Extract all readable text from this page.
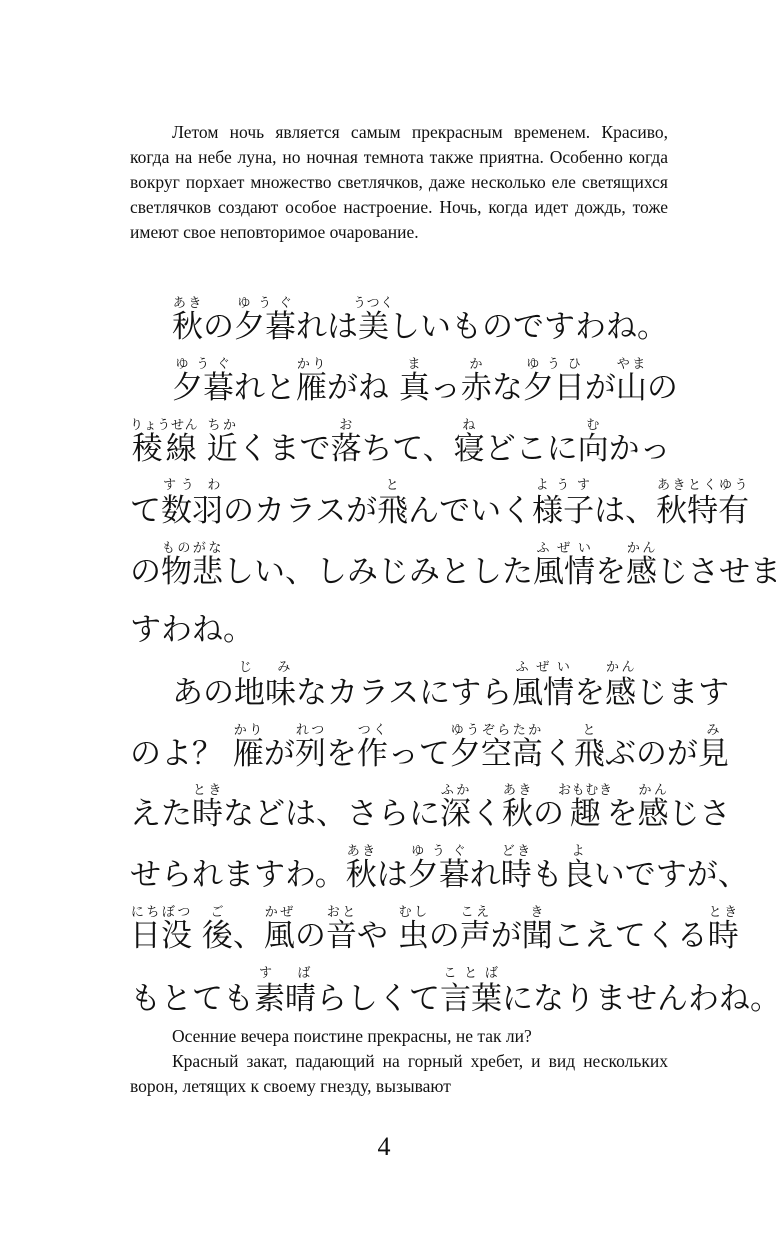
Летом ночь является самым прекрасным временем. Красиво, когда на небе луна, но ночная темнота также приятна. Особенно когда вокруг порхает множество светлячков, даже несколько еле светящихся светлячков создают особое настроение. Ночь, когда идет дождь, тоже имеют свое неповторимое очарование.

秋あきの夕暮ゆうぐれは美うつくしいものですわね。
夕暮ゆうぐれと雁かりがね 真まっ赤かな夕日ゆうひが山やまの
稜線りょうせん 近ちかくまで落おちて、寝ねどこに向むかっ
て数羽すう わのカラスが飛とんでいく様子ようすは、秋特有あきとくゆう
の物悲ものがなしい、しみじみとした風情ふぜいを感かんじさせま
すわね。
あの地味じ みなカラスにすら風情ふぜいを感かんじます
のよ？ 雁かりが列れつを作つくって夕空高ゆうぞらたかく飛とぶのが見み
えた時ときなどは、さらに深ふかく秋あきの趣おもむきを感かんじさ
せられますわ。秋あきは夕暮ゆうぐれ時どきも良よいですが、
日没にちぼつ 後ご、風かぜの音おとや 虫むしの声こえが聞きこえてくる時とき
もとても素晴す ばらしくて言葉ことばになりませんわね。

Осенние вечера поистине прекрасны, не так ли?

Красный закат, падающий на горный хребет, и вид нескольких ворон, летящих к своему гнезду, вызывают

4
